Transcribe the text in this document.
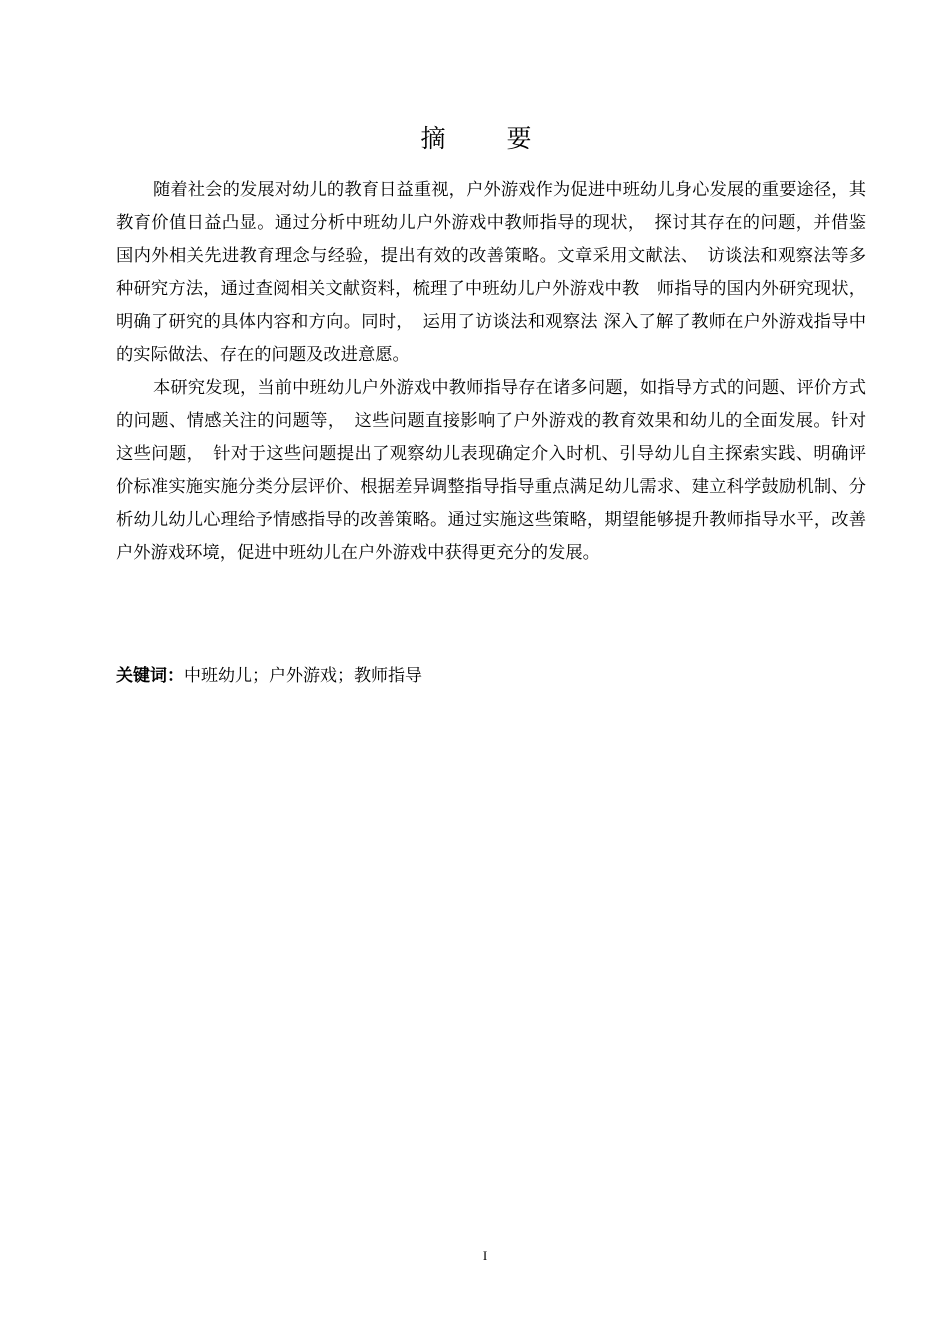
摘　要

随着社会的发展对幼儿的教育日益重视，户外游戏作为促进中班幼儿身心发展的重要途径，其教育价值日益凸显。通过分析中班幼儿户外游戏中教师指导的现状，　探讨其存在的问题，并借鉴国内外相关先进教育理念与经验，提出有效的改善策略。文章采用文献法、　访谈法和观察法等多种研究方法，通过查阅相关文献资料，梳理了中班幼儿户外游戏中教　师指导的国内外研究现状，明确了研究的具体内容和方向。同时，　运用了访谈法和观察法 深入了解了教师在户外游戏指导中的实际做法、存在的问题及改进意愿。

本研究发现，当前中班幼儿户外游戏中教师指导存在诸多问题，如指导方式的问题、评价方式的问题、情感关注的问题等，　这些问题直接影响了户外游戏的教育效果和幼儿的全面发展。针对这些问题，　针对于这些问题提出了观察幼儿表现确定介入时机、引导幼儿自主探索实践、明确评价标准实施实施分类分层评价、根据差异调整指导指导重点满足幼儿需求、建立科学鼓励机制、分析幼儿幼儿心理给予情感指导的改善策略。通过实施这些策略，期望能够提升教师指导水平，改善户外游戏环境，促进中班幼儿在户外游戏中获得更充分的发展。

关键词：中班幼儿；户外游戏；教师指导
I
